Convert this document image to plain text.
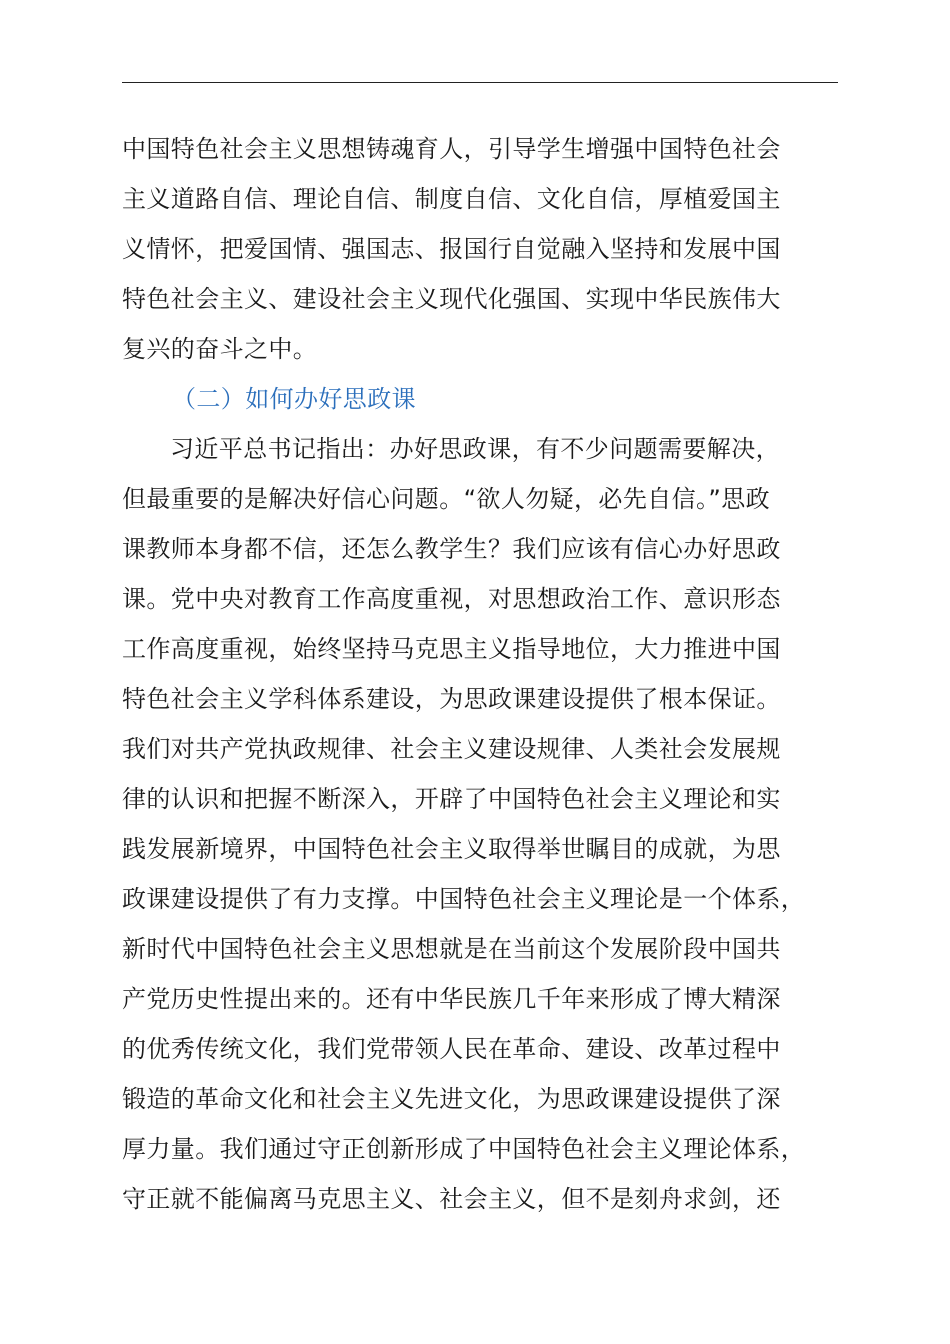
中国特色社会主义思想铸魂育人，引导学生增强中国特色社会
主义道路自信、理论自信、制度自信、文化自信，厚植爱国主
义情怀，把爱国情、强国志、报国行自觉融入坚持和发展中国
特色社会主义、建设社会主义现代化强国、实现中华民族伟大
复兴的奋斗之中。
（二）如何办好思政课
习近平总书记指出：办好思政课，有不少问题需要解决，
但最重要的是解决好信心问题。“欲人勿疑，必先自信。”思政
课教师本身都不信，还怎么教学生？我们应该有信心办好思政
课。党中央对教育工作高度重视，对思想政治工作、意识形态
工作高度重视，始终坚持马克思主义指导地位，大力推进中国
特色社会主义学科体系建设，为思政课建设提供了根本保证。
我们对共产党执政规律、社会主义建设规律、人类社会发展规
律的认识和把握不断深入，开辟了中国特色社会主义理论和实
践发展新境界，中国特色社会主义取得举世瞩目的成就，为思
政课建设提供了有力支撑。中国特色社会主义理论是一个体系，
新时代中国特色社会主义思想就是在当前这个发展阶段中国共
产党历史性提出来的。还有中华民族几千年来形成了博大精深
的优秀传统文化，我们党带领人民在革命、建设、改革过程中
锻造的革命文化和社会主义先进文化，为思政课建设提供了深
厚力量。我们通过守正创新形成了中国特色社会主义理论体系，
守正就不能偏离马克思主义、社会主义，但不是刻舟求剑，还
